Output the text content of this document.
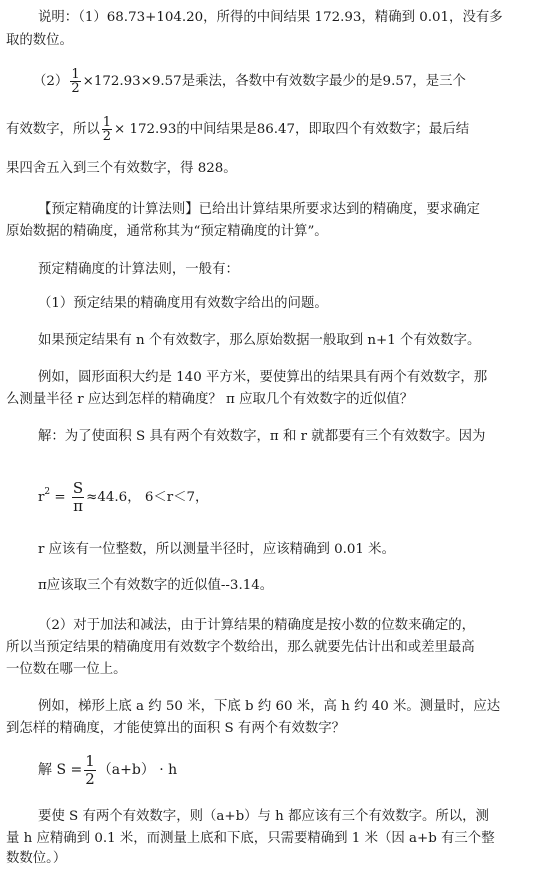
说明：（1）68.73+104.20，所得的中间结果 172.93，精确到 0.01，没有多
取的数位。
$(2) \frac{1}{2} \times 172.93\times 9.57$是乘法，各数中有效数字最少的是9.57，是三个
有效数字，所以 $\frac{1}{2} \times 172.93$的中间结果是86.47，即取四个有效数字；最后结
果四舍五入到三个有效数字，得 828。
【预定精确度的计算法则】已给出计算结果所要求达到的精确度，要求确定
原始数据的精确度，通常称其为“预定精确度的计算”。
预定精确度的计算法则，一般有：
（1）预定结果的精确度用有效数字给出的问题。
如果预定结果有 n 个有效数字，那么原始数据一般取到 n+1 个有效数字。
例如，圆形面积大约是 140 平方米，要使算出的结果具有两个有效数字，那
么测量半径 r 应达到怎样的精确度？ π 应取几个有效数字的近似值？
解：为了使面积 S 具有两个有效数字，π 和 r 就都要有三个有效数字。因为
$r^2 = \frac{S}{\pi} \approx 44.6$， 6＜r＜7，
r 应该有一位整数，所以测量半径时，应该精确到 0.01 米。
π应该取三个有效数字的近似值--3.14。
（2）对于加法和减法，由于计算结果的精确度是按小数的位数来确定的，
所以当预定结果的精确度用有效数字个数给出，那么就要先估计出和或差里最高
一位数在哪一位上。
例如，梯形上底 a 约 50 米，下底 b 约 60 米，高 h 约 40 米。测量时，应达
到怎样的精确度，才能使算出的面积 S 有两个有效数字？
解 $S = \frac{1}{2} (a+b) \cdot h$
要使 S 有两个有效数字，则（a+b）与 h 都应该有三个有效数字。所以，测
量 h 应精确到 0.1 米，而测量上底和下底，只需要精确到 1 米（因 a+b 有三个整
数数位。）
